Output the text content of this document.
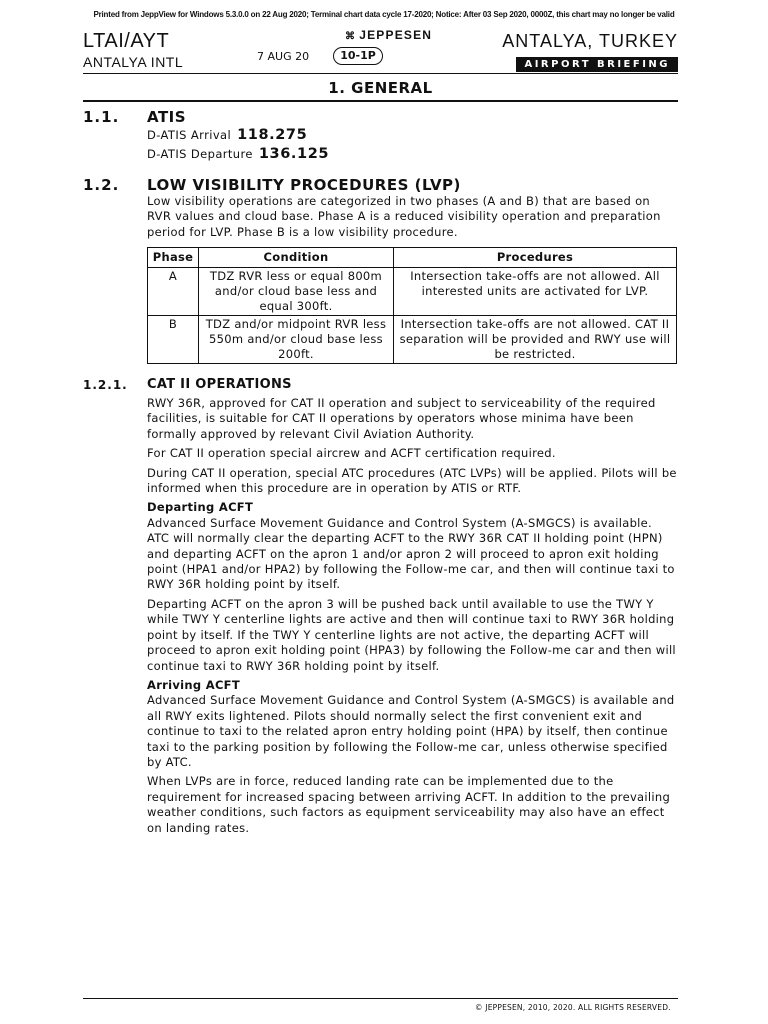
Printed from JeppView for Windows 5.3.0.0 on 22 Aug 2020; Terminal chart data cycle 17-2020; Notice: After 03 Sep 2020, 0000Z, this chart may no longer be valid
LTAI/AYT
ANTALYA INTL
⌘ JEPPESEN
7 AUG 20	10-1P
ANTALYA, TURKEY
AIRPORT BRIEFING
1. GENERAL
1.1. ATIS
D-ATIS Arrival 118.275
D-ATIS Departure 136.125
1.2. LOW VISIBILITY PROCEDURES (LVP)

Low visibility operations are categorized in two phases (A and B) that are based on RVR values and cloud base. Phase A is a reduced visibility operation and preparation period for LVP. Phase B is a low visibility procedure.

Phase	Condition	Procedures
A	TDZ RVR less or equal 800m and/or cloud base less and equal 300ft.	Intersection take-offs are not allowed. All interested units are activated for LVP.
B	TDZ and/or midpoint RVR less 550m and/or cloud base less 200ft.	Intersection take-offs are not allowed. CAT II separation will be provided and RWY use will be restricted.
1.2.1. CAT II OPERATIONS

RWY 36R, approved for CAT II operation and subject to serviceability of the required facilities, is suitable for CAT II operations by operators whose minima have been formally approved by relevant Civil Aviation Authority.

For CAT II operation special aircrew and ACFT certification required.

During CAT II operation, special ATC procedures (ATC LVPs) will be applied. Pilots will be informed when this procedure are in operation by ATIS or RTF.

Departing ACFT

Advanced Surface Movement Guidance and Control System (A-SMGCS) is available. ATC will normally clear the departing ACFT to the RWY 36R CAT II holding point (HPN) and departing ACFT on the apron 1 and/or apron 2 will proceed to apron exit holding point (HPA1 and/or HPA2) by following the Follow-me car, and then will continue taxi to RWY 36R holding point by itself.

Departing ACFT on the apron 3 will be pushed back until available to use the TWY Y while TWY Y centerline lights are active and then will continue taxi to RWY 36R holding point by itself. If the TWY Y centerline lights are not active, the departing ACFT will proceed to apron exit holding point (HPA3) by following the Follow-me car and then will continue taxi to RWY 36R holding point by itself.

Arriving ACFT

Advanced Surface Movement Guidance and Control System (A-SMGCS) is available and all RWY exits lightened. Pilots should normally select the first convenient exit and continue to taxi to the related apron entry holding point (HPA) by itself, then continue taxi to the parking position by following the Follow-me car, unless otherwise specified by ATC.

When LVPs are in force, reduced landing rate can be implemented due to the requirement for increased spacing between arriving ACFT. In addition to the prevailing weather conditions, such factors as equipment serviceability may also have an effect on landing rates.

© JEPPESEN, 2010, 2020. ALL RIGHTS RESERVED.
